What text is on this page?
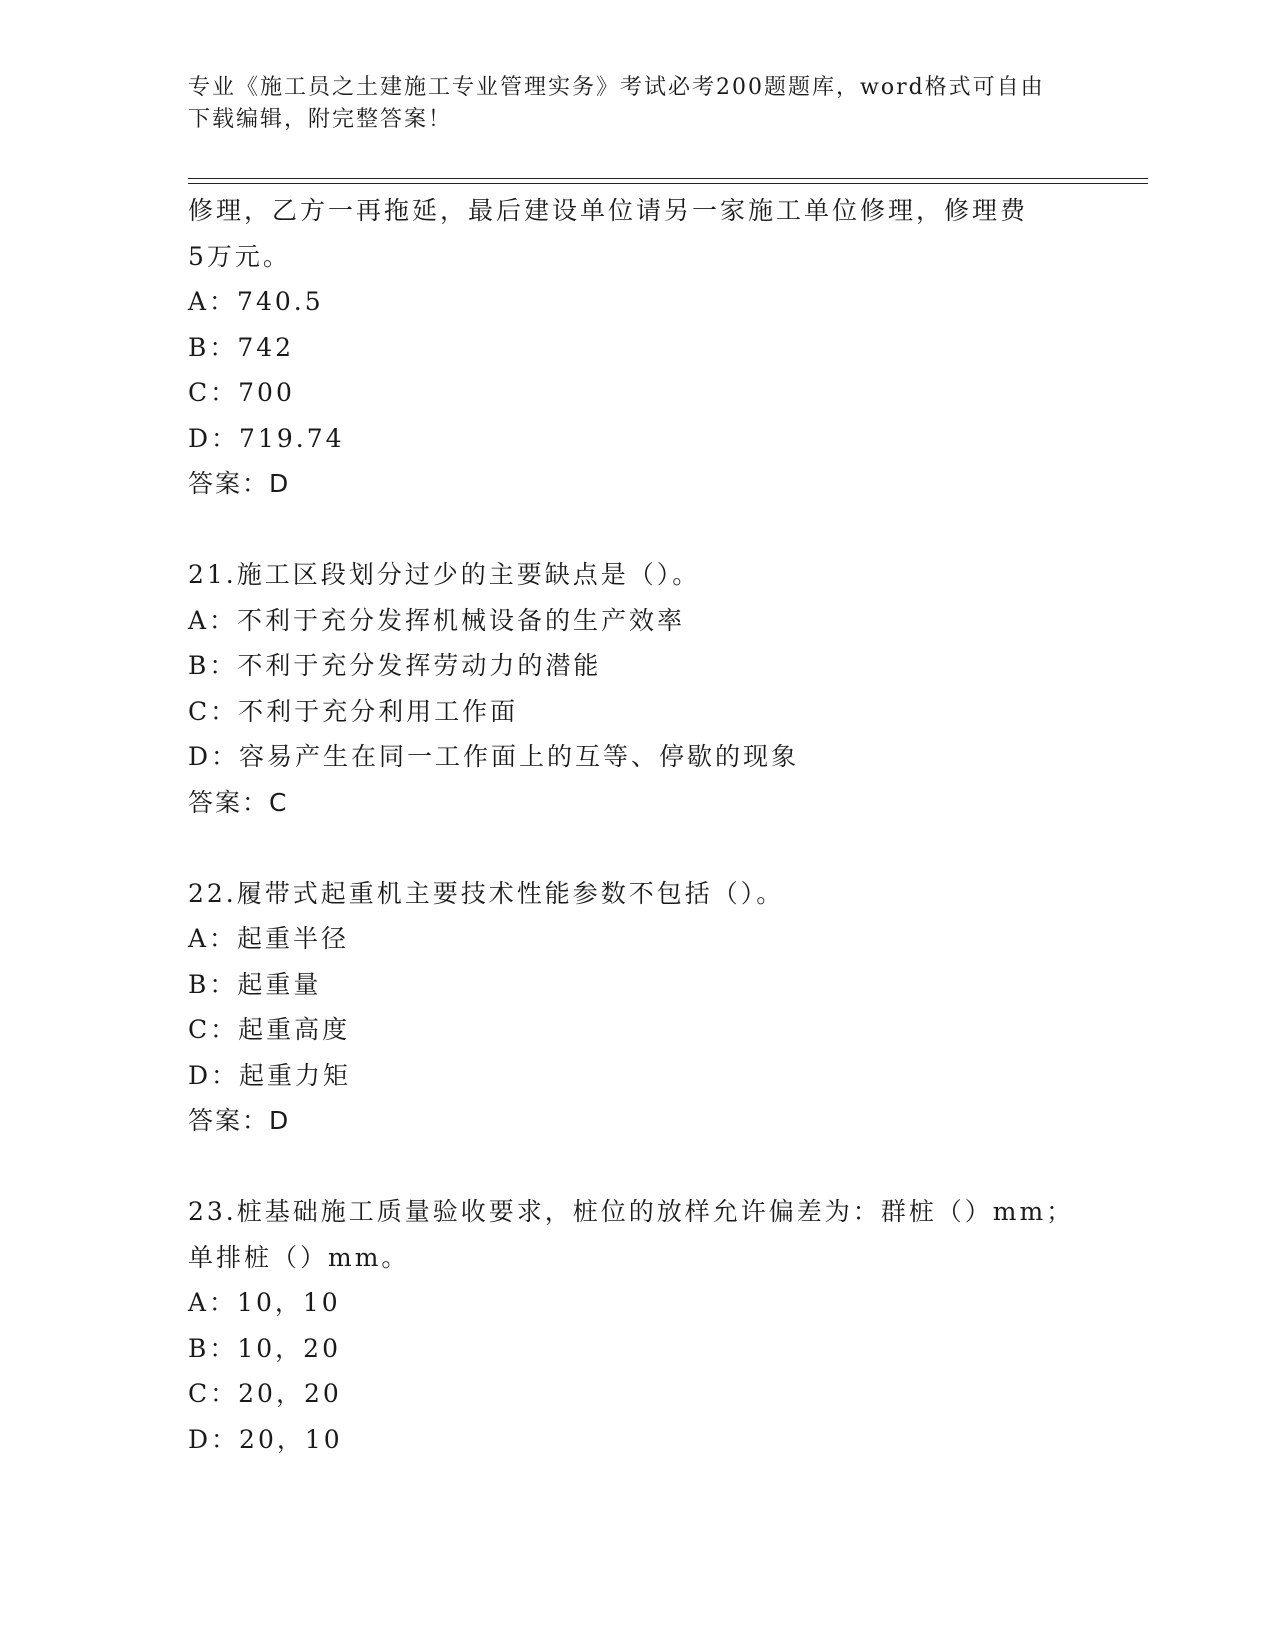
专业《施工员之土建施工专业管理实务》考试必考200题题库，word格式可自由
下载编辑，附完整答案！
修理，乙方一再拖延，最后建设单位请另一家施工单位修理，修理费
5万元。
A：740.5
B：742
C：700
D：719.74
答案：D
21.施工区段划分过少的主要缺点是（）。
A：不利于充分发挥机械设备的生产效率
B：不利于充分发挥劳动力的潜能
C：不利于充分利用工作面
D：容易产生在同一工作面上的互等、停歇的现象
答案：C
22.履带式起重机主要技术性能参数不包括（）。
A：起重半径
B：起重量
C：起重高度
D：起重力矩
答案：D
23.桩基础施工质量验收要求，桩位的放样允许偏差为：群桩（）mm；
单排桩（）mm。
A：10，10
B：10，20
C：20，20
D：20，10
